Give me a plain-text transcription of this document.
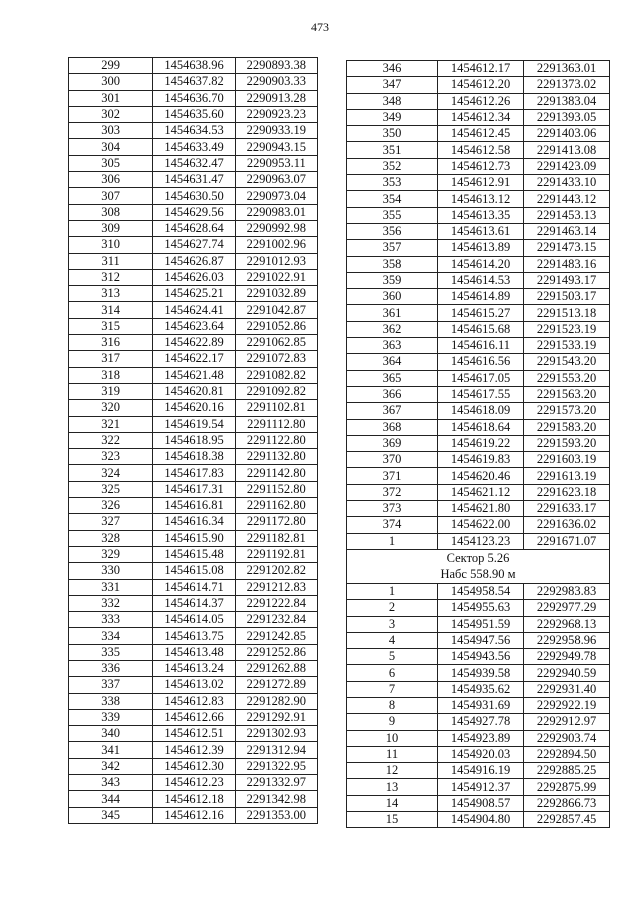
473
299	1454638.96	2290893.38
300	1454637.82	2290903.33
301	1454636.70	2290913.28
302	1454635.60	2290923.23
303	1454634.53	2290933.19
304	1454633.49	2290943.15
305	1454632.47	2290953.11
306	1454631.47	2290963.07
307	1454630.50	2290973.04
308	1454629.56	2290983.01
309	1454628.64	2290992.98
310	1454627.74	2291002.96
311	1454626.87	2291012.93
312	1454626.03	2291022.91
313	1454625.21	2291032.89
314	1454624.41	2291042.87
315	1454623.64	2291052.86
316	1454622.89	2291062.85
317	1454622.17	2291072.83
318	1454621.48	2291082.82
319	1454620.81	2291092.82
320	1454620.16	2291102.81
321	1454619.54	2291112.80
322	1454618.95	2291122.80
323	1454618.38	2291132.80
324	1454617.83	2291142.80
325	1454617.31	2291152.80
326	1454616.81	2291162.80
327	1454616.34	2291172.80
328	1454615.90	2291182.81
329	1454615.48	2291192.81
330	1454615.08	2291202.82
331	1454614.71	2291212.83
332	1454614.37	2291222.84
333	1454614.05	2291232.84
334	1454613.75	2291242.85
335	1454613.48	2291252.86
336	1454613.24	2291262.88
337	1454613.02	2291272.89
338	1454612.83	2291282.90
339	1454612.66	2291292.91
340	1454612.51	2291302.93
341	1454612.39	2291312.94
342	1454612.30	2291322.95
343	1454612.23	2291332.97
344	1454612.18	2291342.98
345	1454612.16	2291353.00
346	1454612.17	2291363.01
347	1454612.20	2291373.02
348	1454612.26	2291383.04
349	1454612.34	2291393.05
350	1454612.45	2291403.06
351	1454612.58	2291413.08
352	1454612.73	2291423.09
353	1454612.91	2291433.10
354	1454613.12	2291443.12
355	1454613.35	2291453.13
356	1454613.61	2291463.14
357	1454613.89	2291473.15
358	1454614.20	2291483.16
359	1454614.53	2291493.17
360	1454614.89	2291503.17
361	1454615.27	2291513.18
362	1454615.68	2291523.19
363	1454616.11	2291533.19
364	1454616.56	2291543.20
365	1454617.05	2291553.20
366	1454617.55	2291563.20
367	1454618.09	2291573.20
368	1454618.64	2291583.20
369	1454619.22	2291593.20
370	1454619.83	2291603.19
371	1454620.46	2291613.19
372	1454621.12	2291623.18
373	1454621.80	2291633.17
374	1454622.00	2291636.02
1	1454123.23	2291671.07

Сектор 5.26
Набс 558.90 м		

1	1454958.54	2292983.83
2	1454955.63	2292977.29
3	1454951.59	2292968.13
4	1454947.56	2292958.96
5	1454943.56	2292949.78
6	1454939.58	2292940.59
7	1454935.62	2292931.40
8	1454931.69	2292922.19
9	1454927.78	2292912.97
10	1454923.89	2292903.74
11	1454920.03	2292894.50
12	1454916.19	2292885.25
13	1454912.37	2292875.99
14	1454908.57	2292866.73
15	1454904.80	2292857.45
